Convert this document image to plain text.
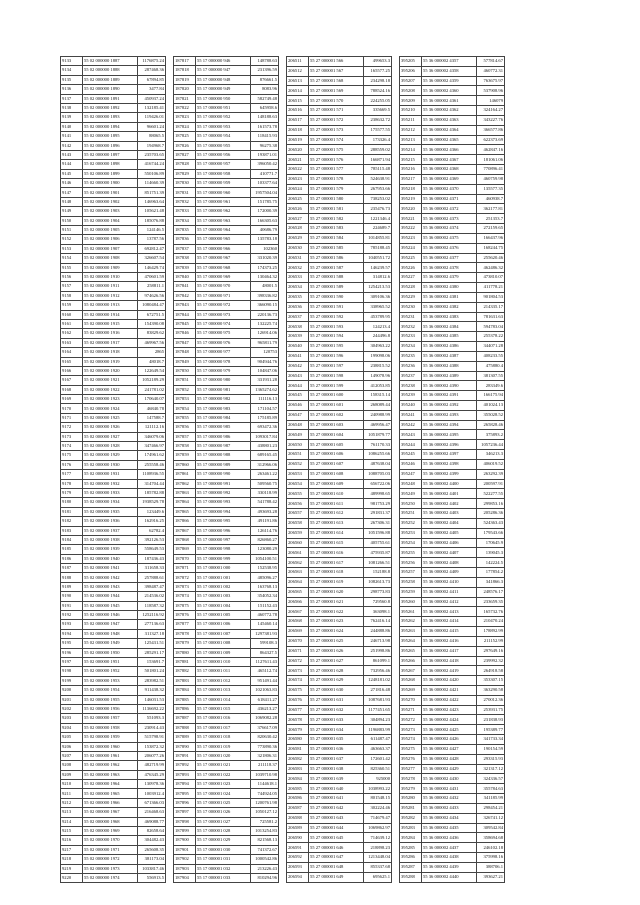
9133	55 02 000000 1887	1176875.24
9134	55 02 000000 1888	287468.36
9135	55 02 000000 1889	67894.85
9136	55 02 000000 1890	3477.84
9137	55 02 000000 1891	450937.24
9138	55 02 000000 1892	132185.41
9139	55 02 000000 1893	119426.01
9140	55 02 000000 1894	96601.24
9141	55 02 000000 1895	88065.5
9142	55 02 000000 1896	194968.7
9143	55 02 000000 1897	235703.65
9144	55 02 000000 1898	416744.24
9145	55 02 000000 1899	550106.89
9146	55 02 000000 1900	114660.39
9147	55 02 000000 1901	851751.39
9148	55 02 000000 1902	146963.64
9149	55 02 000000 1903	105621.48
9150	55 02 000000 1904	185076.88
9151	55 02 000000 1905	124146.5
9152	55 02 000000 1906	13787.56
9153	55 02 000000 1907	692812.47
9154	55 02 000000 1908	326607.54
9155	55 02 000000 1909	146429.74
9156	55 02 000000 1910	470601.59
9157	55 02 000000 1911	258811.1
9158	55 02 000000 1912	974626.56
9159	55 02 000000 1913	1080484.47
9160	55 02 000000 1914	672751.5
9161	55 02 000000 1915	154390.08
9162	55 02 000000 1916	83829.62
9163	55 02 000000 1917	469967.56
9164	55 02 000000 1918	2865
9165	55 02 000000 1919	48018.7
9166	55 02 000000 1920	122649.54
9167	55 02 000000 1921	1052189.29
9168	55 02 000000 1922	241781.02
9169	55 02 000000 1923	170640.07
9170	55 02 000000 1924	46840.78
9171	55 02 000000 1925	147588.7
9172	55 02 000000 1926	121112.16
9173	55 02 000000 1927	346079.06
9174	55 02 000000 1928	347466.97
9175	55 02 000000 1929	174961.62
9176	55 02 000000 1930	255558.46
9177	55 02 000000 1931	1108936.55
9178	55 02 000000 1932	314704.44
9179	55 02 000000 1933	185782.88
9180	55 02 000000 1934	1938529.78
9181	55 02 000000 1935	123449.6
9182	55 02 000000 1936	162916.25
9183	55 02 000000 1937	62782.4
9184	55 02 000000 1938	392126.53
9185	55 02 000000 1939	558649.53
9186	55 02 000000 1940	187436.43
9187	55 02 000000 1941	311658.33
9188	55 02 000000 1942	257888.61
9189	55 02 000000 1943	398487.47
9190	55 02 000000 1944	214536.02
9191	55 02 000000 1945	118587.32
9192	55 02 000000 1946	1252116.92
9193	55 02 000000 1947	277136.63
9194	55 02 000000 1948	311327.18
9195	55 02 000000 1949	125431.51
9196	55 02 000000 1950	285291.17
9197	55 02 000000 1951	153691.7
9198	55 02 000000 1952	501801.24
9199	55 02 000000 1953	283982.51
9200	55 02 000000 1954	911438.32
9201	55 02 000000 1955	146031.53
9202	55 02 000000 1956	1136692.22
9203	55 02 000000 1957	551093.3
9204	55 02 000000 1958	230914.43
9205	55 02 000000 1959	515798.91
9206	55 02 000000 1960	153872.32
9207	55 02 000000 1961	206077.26
9208	55 02 000000 1962	482719.99
9209	55 02 000000 1963	476345.29
9210	55 02 000000 1964	130978.36
9211	55 02 000000 1965	1003912.4
9212	55 02 000000 1966	671366.03
9213	55 02 000000 1967	216468.63
9214	55 02 000000 1968	469088.77
9215	55 02 000000 1969	82658.64
9216	55 02 000000 1970	304482.43
9217	55 02 000000 1971	265608.35
9218	55 02 000000 1972	381173.04
9219	55 02 000000 1973	1033817.46
9220	55 02 000000 1974	556913.5
187817	55 17 000000 946	148788.63
187818	55 17 000000 947	231396.59
187819	55 17 000000 948	876661.5
187820	55 17 000000 949	8083.96
187821	55 17 000000 950	582749.48
187822	55 17 000000 951	645958.6
187823	55 17 000000 952	148188.63
187824	55 17 000000 953	161573.78
187825	55 17 000000 954	118415.93
187826	55 17 000000 955	96275.38
187827	55 17 000000 956	193871.01
187828	55 17 000000 957	396050.42
187829	55 17 000000 958	410771.7
187830	55 17 000000 959	103377.64
187831	55 17 000000 960	1957504.04
187832	55 17 000000 961	151785.75
187833	55 17 000000 962	172000.39
187834	55 17 000000 963	166305.63
187835	55 17 000000 964	40686.79
187836	55 17 000000 965	135783.18
187837	55 17 000000 966	102360
187838	55 17 000000 967	331020.39
187839	55 17 000000 968	174373.25
187840	55 17 000000 969	130464.32
187841	55 17 000000 970	48001.5
187842	55 17 000000 971	398336.82
187843	55 17 000000 972	366090.15
187844	55 17 000000 973	220136.73
187845	55 17 000000 974	132225.74
187846	55 17 000000 975	126914.06
187847	55 17 000000 976	965811.79
187848	55 17 000000 977	120753
187849	55 17 000000 978	904944.76
187850	55 17 000000 979	104847.06
187851	55 17 000000 980	331931.28
187852	55 17 000000 981	1365274.62
187853	55 17 000000 982	111116.13
187854	55 17 000000 983	171104.57
187855	55 17 000000 984	175185.89
187856	55 17 000000 985	693472.36
187857	55 17 000000 986	1093017.84
187858	55 17 000000 987	438801.23
187859	55 17 000000 988	689165.45
187860	55 17 000000 989	312966.06
187861	55 17 000000 990	263461.22
187862	55 17 000000 991	509560.75
187863	55 17 000000 992	330118.99
187864	55 17 000000 993	541788.42
187865	55 17 000000 994	493693.28
187866	55 17 000000 995	491191.86
187867	55 17 000000 996	126114.76
187868	55 17 000000 997	826860.27
187869	55 17 000000 998	123080.29
187870	55 17 000000 999	1054100.51
187871	55 17 000001 000	152538.95
187872	55 17 000001 001	485096.27
187873	55 17 000001 002	163768.13
187874	55 17 000001 003	354052.34
187875	55 17 000001 004	151152.43
187876	55 17 000001 005	460772.78
187877	55 17 000001 006	145460.14
187878	55 17 000001 007	1297381.93
187879	55 17 000001 008	599108.3
187880	55 17 000001 009	864327.5
187881	55 17 000001 010	1127611.43
187882	55 17 000001 011	465112.74
187883	55 17 000001 012	951491.44
187884	55 17 000001 013	1021063.83
187885	55 17 000001 014	618411.27
187886	55 17 000001 015	436213.27
187887	55 17 000001 016	1069082.28
187888	55 17 000001 017	376617.09
187889	55 17 000001 018	820630.42
187890	55 17 000001 019	773890.36
187891	55 17 000001 020	321806.31
187892	55 17 000001 021	211118.37
187893	55 17 000001 022	1039710.98
187894	55 17 000001 023	1144618.1
187895	55 17 000001 024	744924.05
187896	55 17 000001 025	1200761.98
187897	55 17 000001 026	1050127.12
187898	55 17 000001 027	725581.2
187899	55 17 000001 028	1013254.83
187900	55 17 000001 029	821568.13
187901	55 17 000001 030	741372.67
187902	55 17 000001 031	1000542.86
187903	55 17 000001 032	213226.43
187904	55 17 000001 033	810294.96
206511	55 27 000001 566	499653.3
206512	55 27 000001 567	165577.25
206513	55 27 000001 568	234298.18
206514	55 27 000001 569	788524.16
206515	55 27 000001 570	224255.05
206516	55 27 000001 571	335669.5
206517	55 27 000001 572	238632.72
206518	55 27 000001 573	175577.55
206519	55 27 000001 574	173326.4
206520	55 27 000001 575	288559.02
206521	55 27 000001 576	166871.94
206522	55 27 000001 577	785115.48
206523	55 27 000001 578	524638.91
206524	55 27 000001 579	267953.66
206525	55 27 000001 580	738253.02
206526	55 27 000001 581	235476.73
206527	55 27 000001 582	1221346.4
206528	55 27 000001 583	224689.7
206529	55 27 000001 584	1014855.81
206530	55 27 000001 585	785188.45
206531	55 27 000001 586	1040551.72
206532	55 27 000001 587	146239.57
206533	55 27 000001 588	314812.6
206534	55 27 000001 589	1254213.53
206535	55 27 000001 590	309106.36
206536	55 27 000001 591	338965.52
206537	55 27 000001 592	453789.95
206538	55 27 000001 593	124213.4
206539	55 27 000001 594	244496.8
206540	55 27 000001 595	304963.22
206541	55 27 000001 596	199098.06
206542	55 27 000001 597	238815.52
206543	55 27 000001 598	149078.96
206544	55 27 000001 599	412053.85
206545	55 27 000001 600	158315.14
206546	55 27 000001 601	268089.44
206547	55 27 000001 602	240988.99
206548	55 27 000001 603	469956.47
206549	55 27 000001 604	1051879.77
206550	55 27 000001 605	761170.33
206551	55 27 000001 606	1086255.66
206552	55 27 000001 607	487638.04
206553	55 27 000001 608	1088705.03
206554	55 27 000001 609	656722.06
206555	55 27 000001 610	489998.65
206556	55 27 000001 611	981753.29
206557	55 27 000001 612	291831.37
206558	55 27 000001 613	267306.31
206559	55 27 000001 614	1051596.88
206560	55 27 000001 615	405755.61
206561	55 27 000001 616	475935.87
206562	55 27 000001 617	1081266.51
206563	55 27 000001 618	152188.8
206564	55 27 000001 619	1082613.73
206565	55 27 000001 620	298773.83
206566	55 27 000001 621	729560.8
206567	55 27 000001 622	363098.1
206568	55 27 000001 623	762416.14
206569	55 27 000001 624	244888.86
206570	55 27 000001 625	246713.98
206571	55 27 000001 626	251998.86
206572	55 27 000001 627	861099.1
206573	55 27 000001 628	732956.46
206574	55 27 000001 629	1248181.02
206575	55 27 000001 630	271816.48
206576	55 27 000001 631	1087681.93
206577	55 27 000001 632	1177451.65
206578	55 27 000001 633	304894.23
206579	55 27 000001 634	1196883.99
206580	55 27 000001 635	611487.47
206581	55 27 000001 636	463663.37
206582	55 27 000001 637	172601.42
206583	55 27 000001 638	825360.51
206584	55 27 000001 639	925000
206585	55 27 000001 640	1038993.22
206586	55 27 000001 641	801548.15
206587	55 27 000001 642	302224.46
206588	55 27 000001 643	714679.47
206589	55 27 000001 644	1069862.97
206590	55 27 000001 645	714639.12
206591	55 27 000001 646	218898.23
206592	55 27 000001 647	1213448.04
206593	55 27 000001 648	855337.68
206594	55 27 000001 649	695625.1
395205	55 36 000002 4357	577814.67
395206	55 36 000002 4358	460772.31
395207	55 36 000002 4359	763675.97
395208	55 36 000002 4360	537908.96
395209	55 36 000002 4361	146079
395210	55 36 000002 4362	324164.27
395211	55 36 000002 4363	343227.76
395212	55 36 000002 4364	366577.86
395213	55 36 000002 4365	622373.69
395214	55 36 000002 4366	462847.16
395215	55 36 000002 4367	181061.06
395216	55 36 000002 4368	770896.41
395217	55 36 000002 4369	460759.98
395218	55 36 000002 4370	135577.35
395219	55 36 000002 4371	460938.7
395220	55 36 000002 4372	362177.81
395221	55 36 000002 4373	251353.7
395222	55 36 000002 4374	272159.65
395223	55 36 000002 4375	166437.96
395224	55 36 000002 4376	168244.75
395225	55 36 000002 4377	255620.46
395226	55 36 000002 4378	462486.32
395227	55 36 000002 4379	473810.07
395228	55 36 000002 4380	411778.21
395229	55 36 000002 4381	901804.53
395230	55 36 000002 4382	214335.17
395231	55 36 000002 4383	781631.63
395232	55 36 000002 4384	594783.04
395233	55 36 000002 4385	255378.22
395234	55 36 000002 4386	344071.28
395235	55 36 000002 4387	408233.55
395236	55 36 000002 4388	475880.4
395237	55 36 000002 4389	381307.55
395238	55 36 000002 4390	283349.6
395239	55 36 000002 4391	166175.94
395240	55 36 000002 4392	401024.13
395241	55 36 000002 4393	355028.52
395242	55 36 000002 4394	265828.46
395243	55 36 000002 4395	375893.2
395244	55 36 000002 4396	1057236.44
395245	55 36 000002 4397	346213.3
395246	55 36 000002 4398	406019.52
395247	55 36 000002 4399	263292.39
395248	55 36 000002 4400	200597.91
395249	55 36 000002 4401	522277.55
395250	55 36 000002 4402	299853.16
395251	55 36 000002 4403	205286.36
395252	55 36 000002 4404	524363.43
395253	55 36 000002 4405	179543.66
395254	55 36 000002 4406	170645.9
395255	55 36 000002 4407	139045.3
395256	55 36 000002 4408	142224.5
395257	55 36 000002 4409	177854.2
395258	55 36 000002 4410	341866.3
395259	55 36 000002 4411	248576.17
395260	55 36 000002 4412	233659.35
395261	55 36 000002 4413	165732.76
395262	55 36 000002 4414	210470.24
395263	55 36 000002 4415	178892.99
395264	55 36 000002 4416	211152.99
395265	55 36 000002 4417	297649.16
395266	55 36 000002 4418	239992.32
395267	55 36 000002 4419	264918.58
395268	55 36 000002 4420	353307.15
395269	55 36 000002 4421	363290.58
395270	55 36 000002 4422	270012.36
395271	55 36 000002 4423	253931.75
395272	55 36 000002 4424	231838.93
395273	55 36 000002 4425	195389.77
395274	55 36 000002 4426	341733.34
395275	55 36 000002 4427	190154.59
395276	55 36 000002 4428	293315.93
395277	55 36 000002 4429	321317.12
395278	55 36 000002 4430	324336.57
395279	55 36 000002 4431	355784.63
395280	55 36 000002 4432	341185.99
395281	55 36 000002 4433	298454.21
395282	55 36 000002 4434	326741.12
395283	55 36 000002 4435	309542.84
395284	55 36 000002 4436	358694.68
395285	55 36 000002 4437	246102.18
395286	55 36 000002 4438	375998.16
395287	55 36 000002 4439	388706.1
395288	55 36 000002 4440	393627.21
